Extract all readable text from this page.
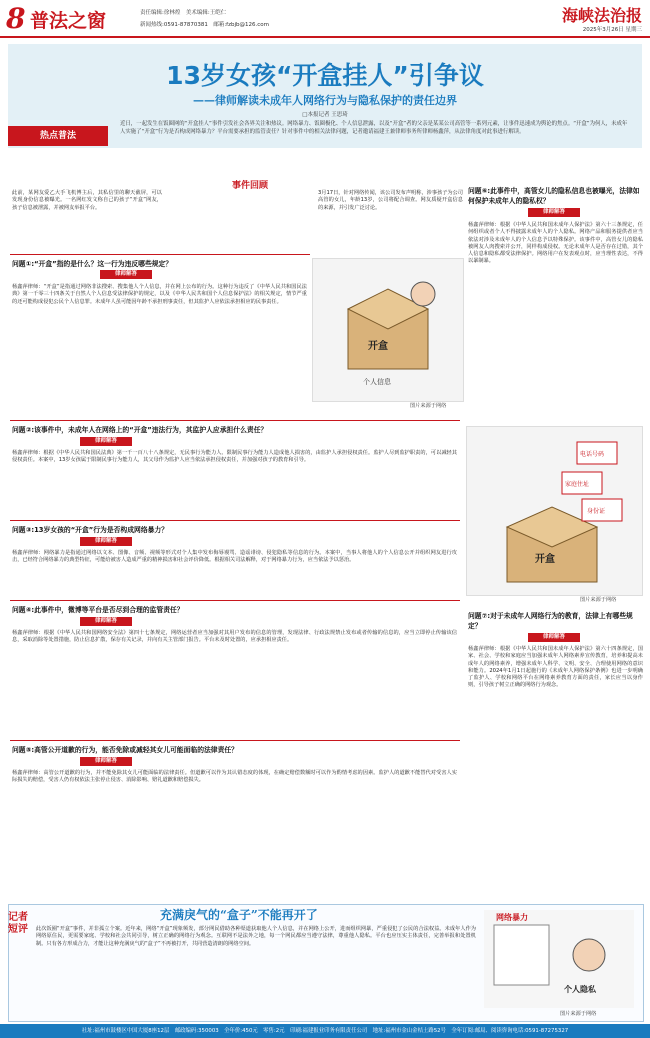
8 普法之窗	责任编辑:徐林煌　美术编辑:王皑仁
新闻热线:0591-87870381　邮箱:fzbjb@126.com	海峡法治报
2025年3月26日 星期三
13岁女孩“开盒挂人”引争议
——律师解读未成年人网络行为与隐私保护的责任边界
□本报记者 王思琦
热点普法
近日，一起发生在饭圈网的“开盒挂人”事件引发社会各界关注和热议。网络暴力、饭圈极化、个人信息泄露，以及“开盒”者的父亲是某某公司高管等一系列元素，让事件迅速成为舆论的焦点。“开盒”为何人，未成年人实施了“开盒”行为是否构成网络暴力？平台需要承担的监管责任？针对事件中的相关法律问题，记者邀请福建王兼律师事务所律师杨鑫萍，从法律角度对此事进行解读。
事件回顾
此前，某网友爱乙大手飞机博主后，其私信里的聊天截屏，可以发现身份信息被曝光。一名网红发文称自己的孩子“开盒”网友，孩子信息被泄露，并被网友举报平台。
3月17日，针对网络传闻，该公司发布声明称，涉事孩子为公司高管的女儿，年龄13岁，公司将配合调查。网友质疑开盒信息的来源，并引发广泛讨论。
问题①:“开盒”指的是什么？这一行为违反哪些规定？
律师解答
杨鑫萍律师：“开盒”是指通过网络非法搜索、搜集他人个人信息，并在网上公布的行为。这种行为违反了《中华人民共和国民法典》第一千零三十四条关于自然人个人信息受法律保护的规定，以及《中华人民共和国个人信息保护法》的相关规定，情节严重的还可能构成侵犯公民个人信息罪。未成年人虽可能因年龄不承担刑事责任，但其监护人应依法承担相应的民事责任。
开盒
个人信息
图片来源于网络
问题⑥:此事件中，高管女儿的隐私信息也被曝光，法律如何保护未成年人的隐私权？
律师解答
杨鑫萍律师：根据《中华人民共和国未成年人保护法》第六十三条规定，任何组织或者个人不得披露未成年人的个人隐私。网络产品和服务提供者应当依法对涉及未成年人的个人信息予以特殊保护。该事件中，高管女儿的隐私被网友人肉搜索并公开，同样构成侵权。无论未成年人是否存在过错，其个人信息和隐私都受法律保护。网络用户在发表观点时，应当理性表达，不得以暴制暴。
问题②:该事件中，未成年人在网络上的“开盒”违法行为，其监护人应承担什么责任？
律师解答
杨鑫萍律师：根据《中华人民共和国民法典》第一千一百八十八条规定，无民事行为能力人、限制民事行为能力人造成他人损害的，由监护人承担侵权责任。监护人尽到监护职责的，可以减轻其侵权责任。本案中，13岁女孩属于限制民事行为能力人，其父母作为监护人应当依法承担侵权责任，并加强对孩子的教育和引导。
问题③:13岁女孩的“开盒”行为是否构成网络暴力？
律师解答
杨鑫萍律师：网络暴力是指通过网络以文本、图像、音频、视频等形式对个人集中发布侮辱谩骂、造谣诽谤、侵犯隐私等信息的行为。本案中，当事人将他人的个人信息公开并组织网友进行攻击，已经符合网络暴力的典型特征，可能给被害人造成严重的精神损害和社会评价降低。根据相关司法解释，对于网络暴力行为，应当依法予以惩治。
电话号码
家庭住址
身份证
开盒
图片来源于网络
问题④:此事件中，微博等平台是否尽到合理的监管责任？
律师解答
杨鑫萍律师：根据《中华人民共和国网络安全法》第四十七条规定，网络运营者应当加强对其用户发布的信息的管理，发现法律、行政法规禁止发布或者传输的信息的，应当立即停止传输该信息，采取消除等处置措施，防止信息扩散，保存有关记录，并向有关主管部门报告。平台未及时处置的，应承担相应责任。
问题⑦:对于未成年人网络行为的教育，法律上有哪些规定？
律师解答
杨鑫萍律师：根据《中华人民共和国未成年人保护法》第六十四条规定，国家、社会、学校和家庭应当加强未成年人网络素养宣传教育，培养和提高未成年人的网络素养，增强未成年人科学、文明、安全、合理使用网络的意识和能力。2024年1月1日起施行的《未成年人网络保护条例》也进一步明确了监护人、学校和网络平台在网络素养教育方面的责任，家长应当以身作则，引导孩子树立正确的网络行为观念。
问题⑤:高管公开道歉的行为，能否免除或减轻其女儿可能面临的法律责任？
律师解答
杨鑫萍律师：高管公开道歉的行为，并不能免除其女儿可能面临的法律责任。但道歉可以作为其认错态度的体现，在确定赔偿数额时可以作为酌情考虑的因素。监护人的道歉不能替代对受害人实际损失的赔偿，受害人仍有权依法主张停止侵害、消除影响、赔礼道歉和赔偿损失。
充满戾气的“盒子”不能再开了
记者短评 此次饭圈“开盒”事件，并非孤立个案。近年来，网络“开盒”现象频发，部分网民借助各种渠道获取他人个人信息，并在网络上公开，进而组织网暴，严重侵犯了公民的合法权益。未成年人作为网络原住民，更需要家庭、学校和社会共同引导，树立正确的网络行为观念。互联网不是法外之地，每一个网民都应当遵守法律，尊重他人隐私。平台也应压实主体责任，完善举报和处置机制。只有各方形成合力，才能让这种充满戾气的“盒子”不再被打开，共同营造清朗的网络空间。
网络暴力
个人隐私
图片来源于网络
社址:福州市鼓楼区中国大厦8座12层　邮政编码:350003　全年价:450元　零售:2元　印刷:福建报业印务有限责任公司　地址:福州市金山金桔土路52号　全年订阅:邮局、阅读咨询电话:0591-87275327
